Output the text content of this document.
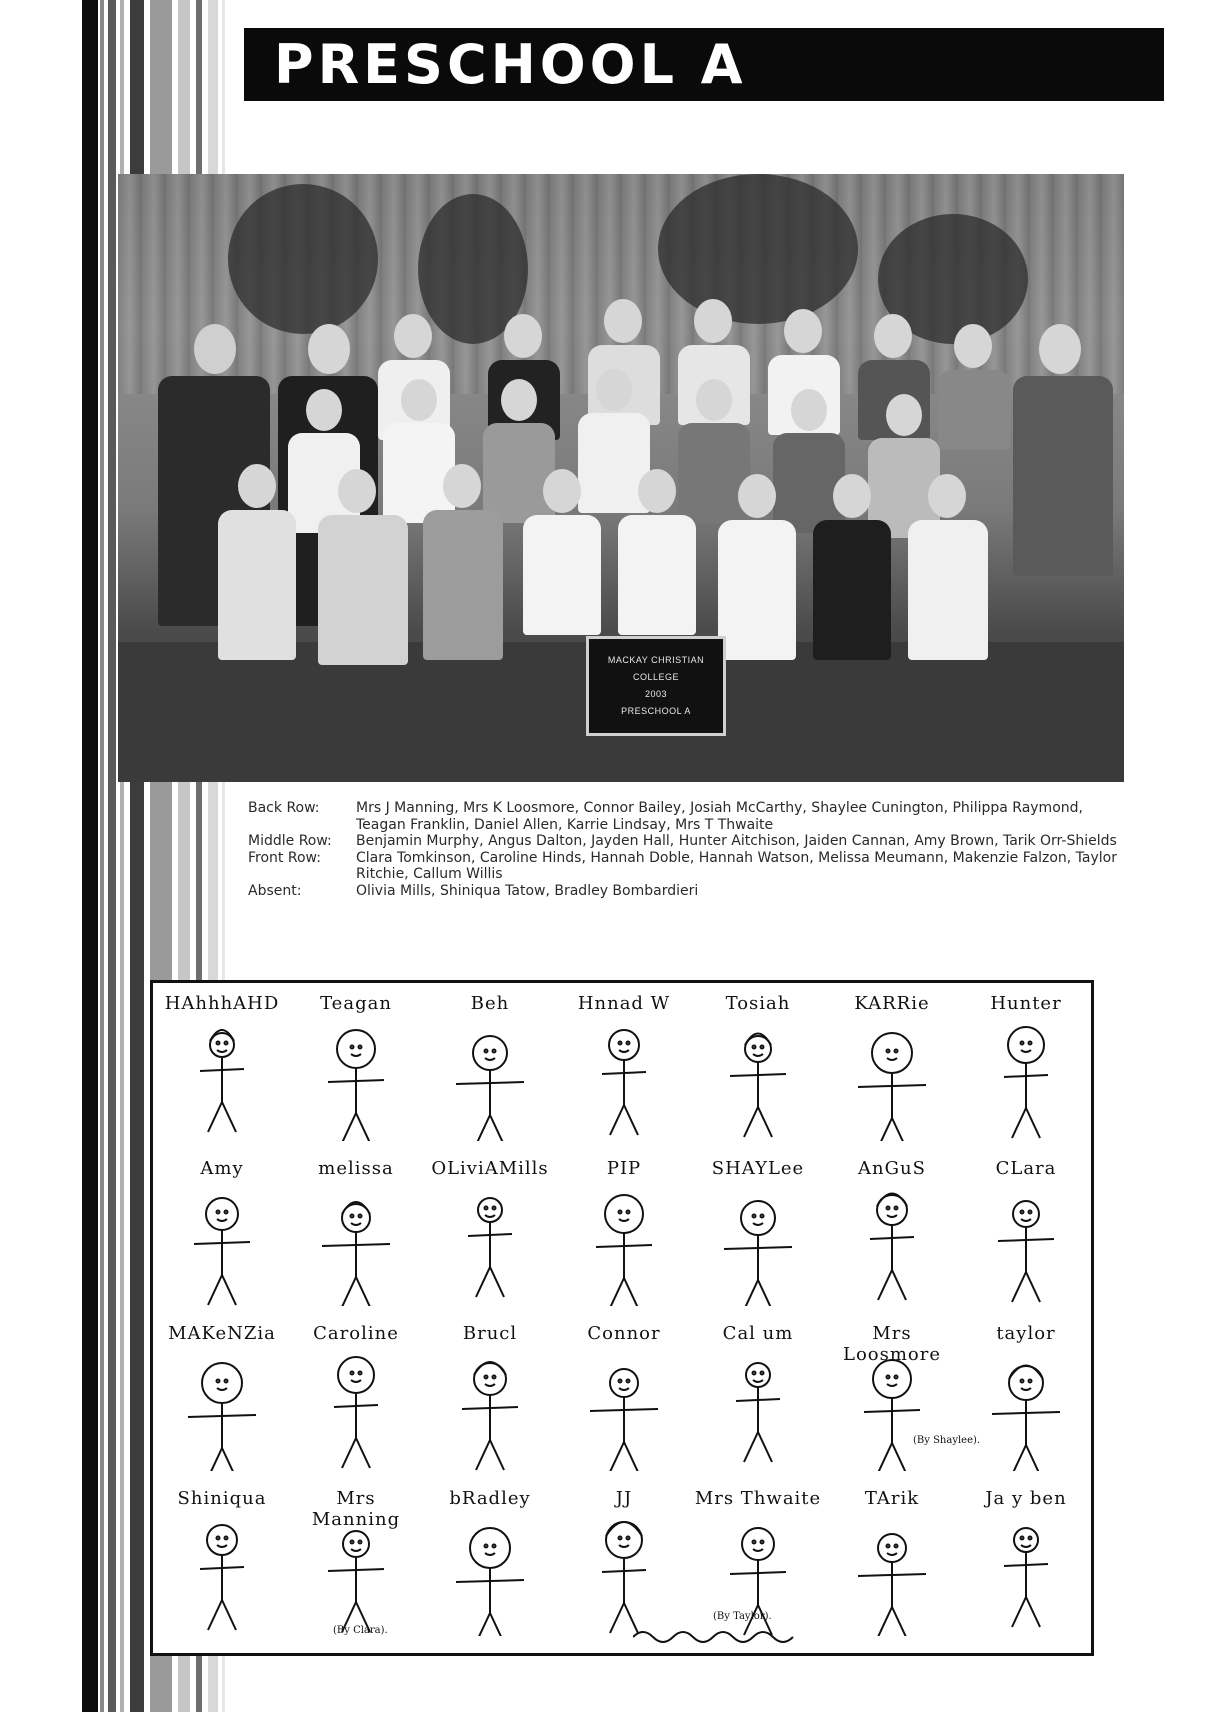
PRESCHOOL A
MACKAY CHRISTIAN
COLLEGE
2003
PRESCHOOL A
Back Row:	Mrs J Manning, Mrs K Loosmore, Connor Bailey, Josiah McCarthy, Shaylee Cunington, Philippa Raymond, Teagan Franklin, Daniel Allen, Karrie Lindsay, Mrs T Thwaite
Middle Row:	Benjamin Murphy, Angus Dalton, Jayden Hall, Hunter Aitchison, Jaiden Cannan, Amy Brown, Tarik Orr-Shields
Front Row:	Clara Tomkinson, Caroline Hinds, Hannah Doble, Hannah Watson, Melissa Meumann, Makenzie Falzon, Taylor Ritchie, Callum Willis
Absent:	Olivia Mills, Shiniqua Tatow, Bradley Bombardieri
(By Shaylee).
(By Clara).
(By Taylor).
HAhhhAHD	Teagan	Beh	Hnnad W	Tosiah	KARRie	Hunter
Amy	melissa	OLiviAMills	PIP	SHAYLee	AnGuS	CLara
MAKeNZia	Caroline	Brucl	Connor	Cal um	Mrs Loosmore
taylor
Shiniqua	Mrs Manning
bRadley	JJ	Mrs Thwaite	TArik	Ja y ben
